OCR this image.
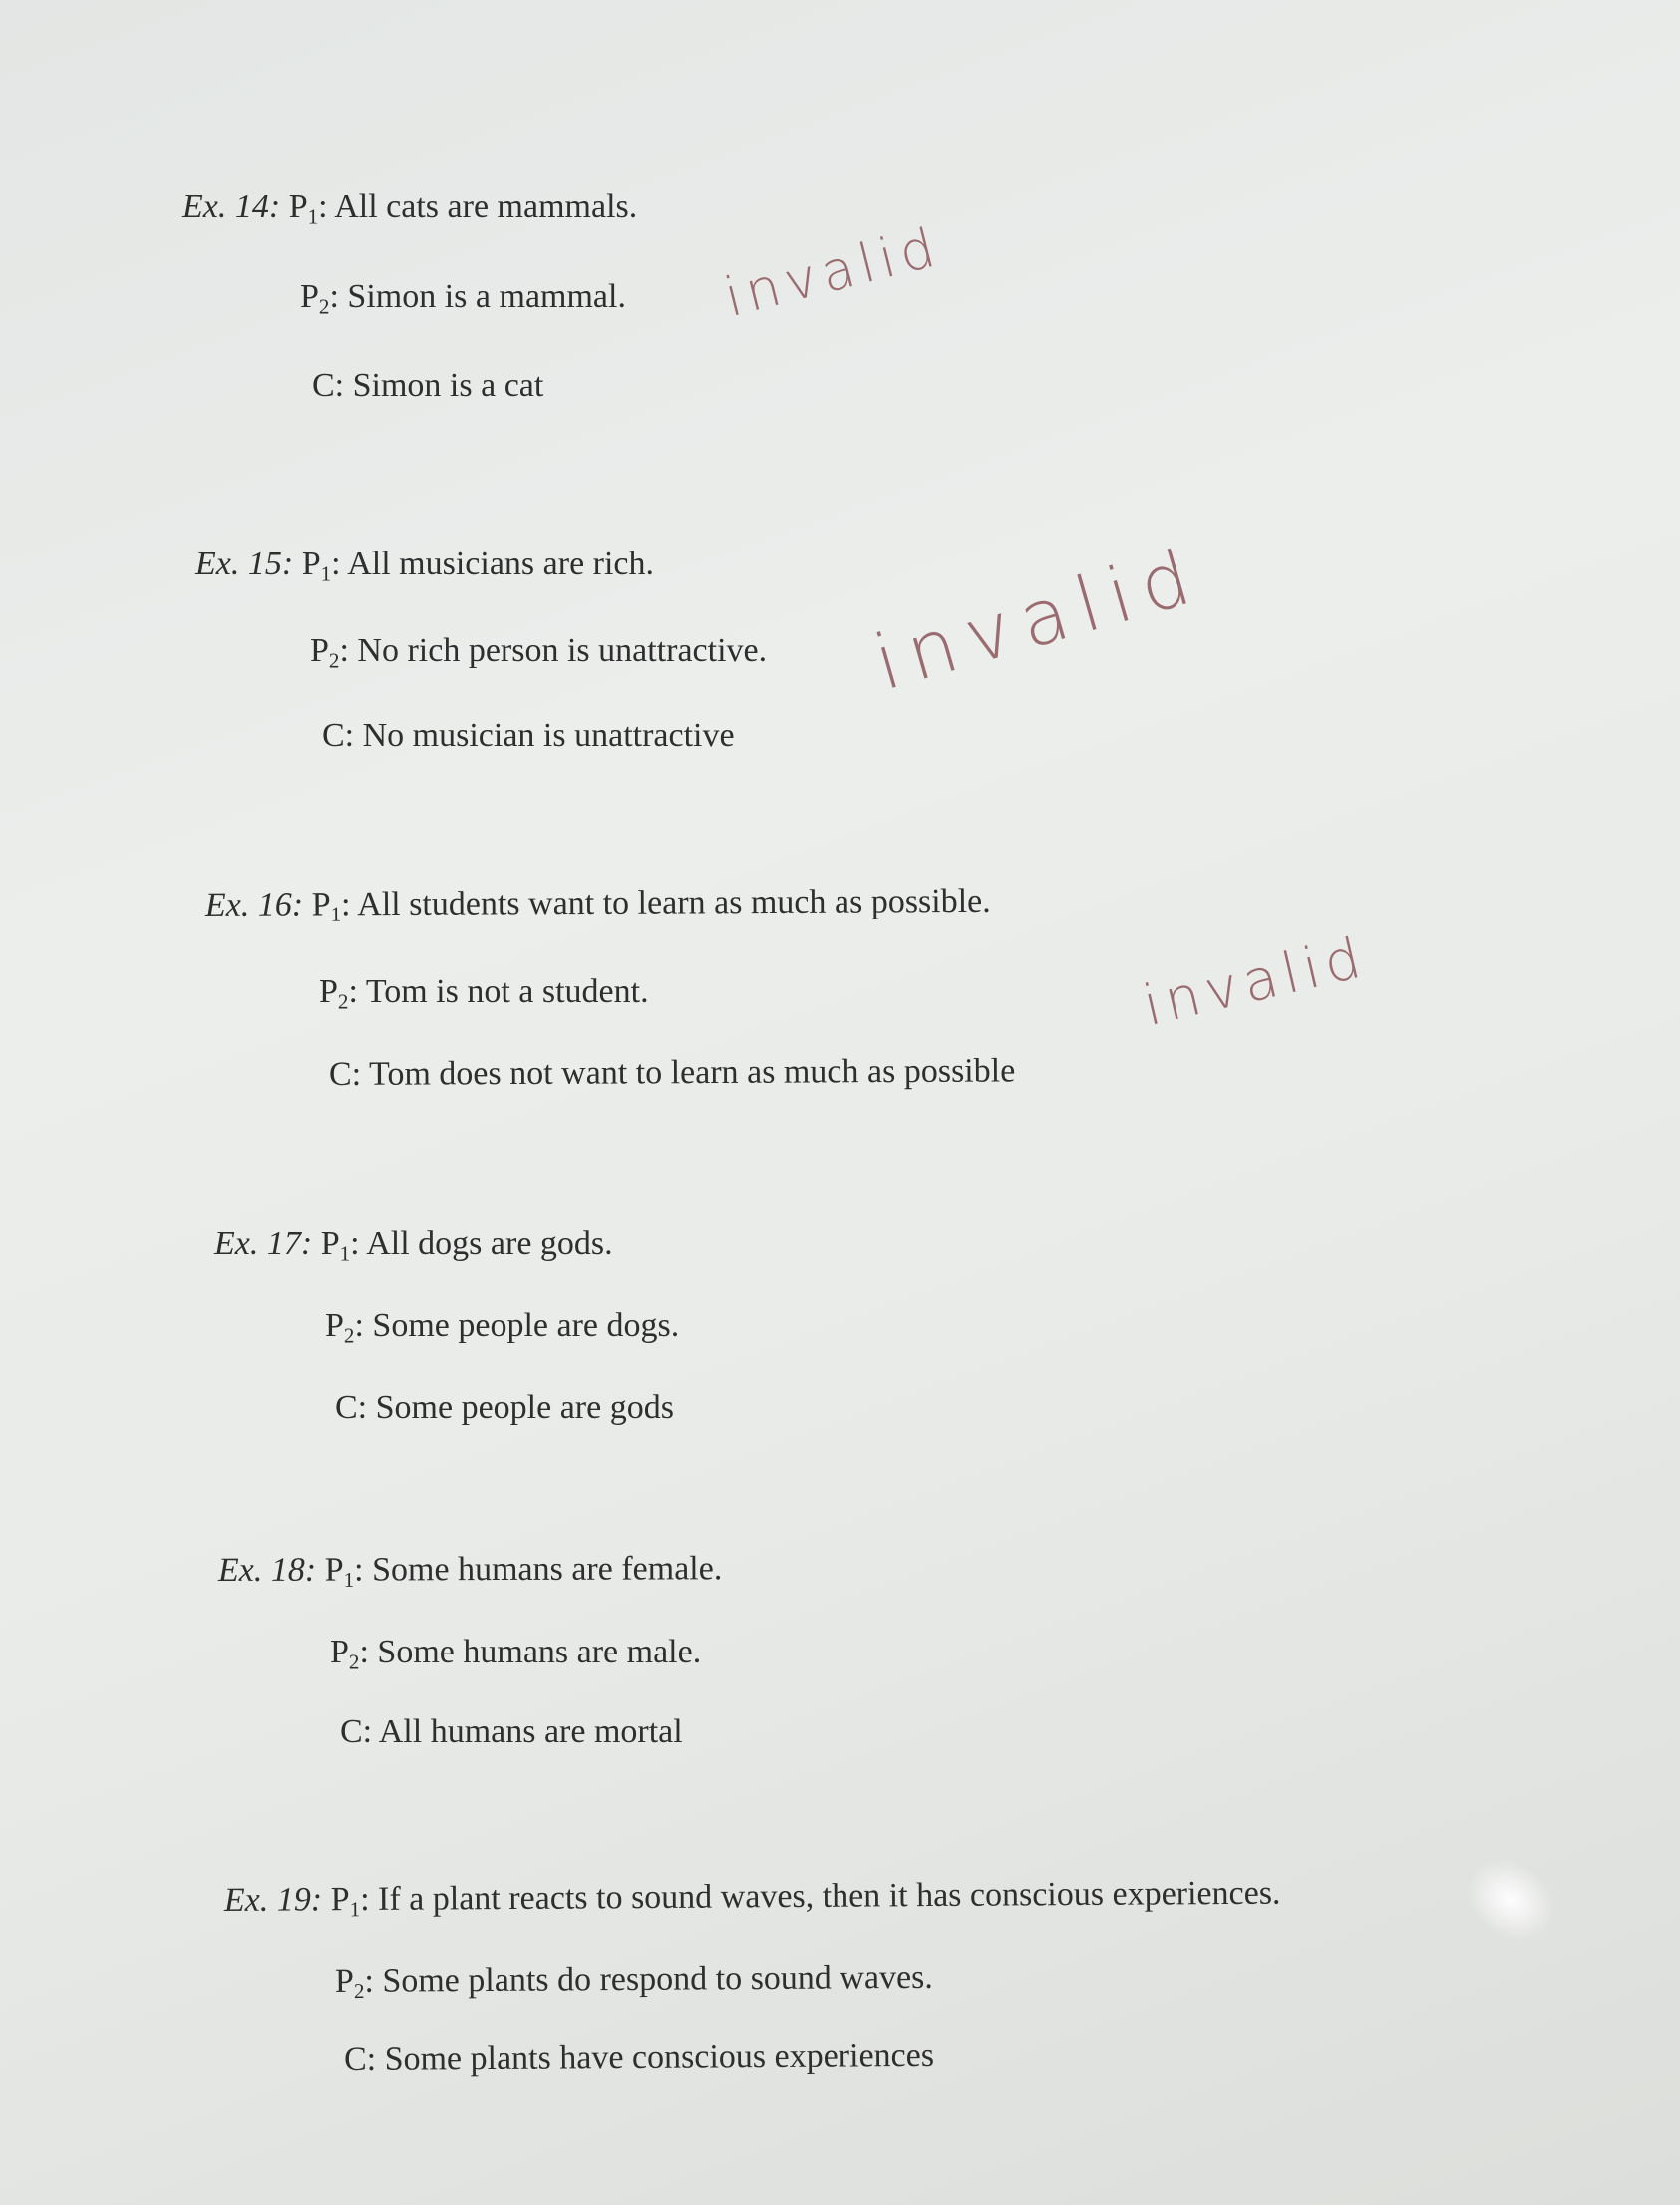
Ex. 14: $P_1$: All cats are mammals.
$P_2$: Simon is a mammal.
C: Simon is a cat
invalid
Ex. 15: $P_1$: All musicians are rich.
$P_2$: No rich person is unattractive.
C: No musician is unattractive
invalid
Ex. 16: $P_1$: All students want to learn as much as possible.
$P_2$: Tom is not a student.
C: Tom does not want to learn as much as possible
invalid
Ex. 17: $P_1$: All dogs are gods.
$P_2$: Some people are dogs.
C: Some people are gods
Ex. 18: $P_1$: Some humans are female.
$P_2$: Some humans are male.
C: All humans are mortal
Ex. 19: $P_1$: If a plant reacts to sound waves, then it has conscious experiences.
$P_2$: Some plants do respond to sound waves.
C: Some plants have conscious experiences
